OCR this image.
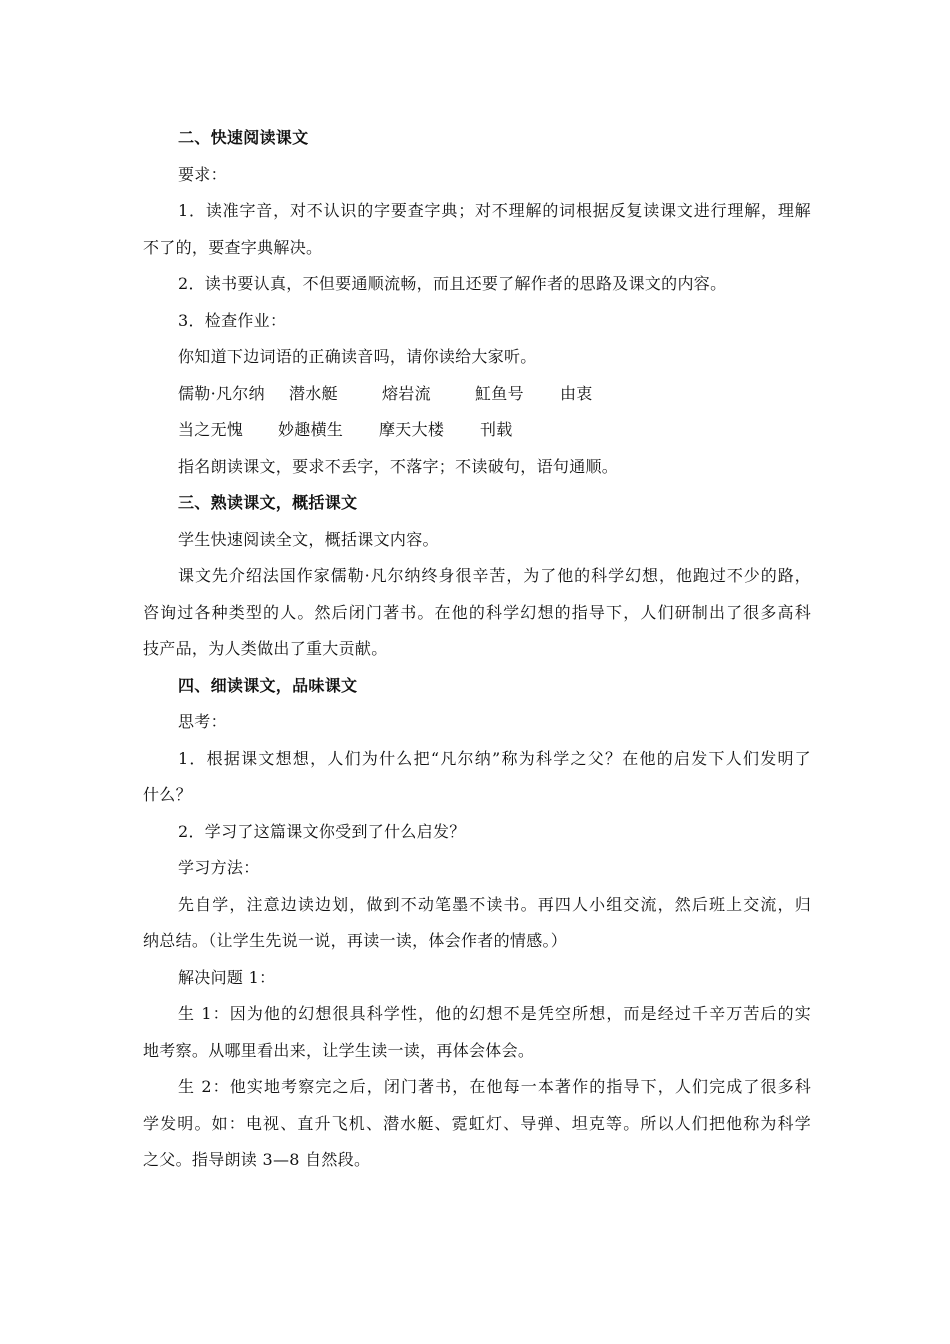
二、快速阅读课文
要求：
1．读准字音，对不认识的字要查字典；对不理解的词根据反复读课文进行理解，理解
不了的，要查字典解决。
2．读书要认真，不但要通顺流畅，而且还要了解作者的思路及课文的内容。
3．检查作业：
你知道下边词语的正确读音吗，请你读给大家听。
儒勒·凡尔纳	潜水艇	熔岩流	魟鱼号	由衷
当之无愧	妙趣横生	摩天大楼	刊载
指名朗读课文，要求不丢字，不落字；不读破句，语句通顺。
三、熟读课文，概括课文
学生快速阅读全文，概括课文内容。
课文先介绍法国作家儒勒·凡尔纳终身很辛苦，为了他的科学幻想，他跑过不少的路，
咨询过各种类型的人。然后闭门著书。在他的科学幻想的指导下，人们研制出了很多高科
技产品，为人类做出了重大贡献。
四、细读课文，品味课文
思考：
1．根据课文想想，人们为什么把“凡尔纳”称为科学之父？在他的启发下人们发明了
什么？
2．学习了这篇课文你受到了什么启发？
学习方法：
先自学，注意边读边划，做到不动笔墨不读书。再四人小组交流，然后班上交流，归
纳总结。（让学生先说一说，再读一读，体会作者的情感。）
解决问题 1：
生 1：因为他的幻想很具科学性，他的幻想不是凭空所想，而是经过千辛万苦后的实
地考察。从哪里看出来，让学生读一读，再体会体会。
生 2：他实地考察完之后，闭门著书，在他每一本著作的指导下，人们完成了很多科
学发明。如：电视、直升飞机、潜水艇、霓虹灯、导弹、坦克等。所以人们把他称为科学
之父。指导朗读 3—8 自然段。
